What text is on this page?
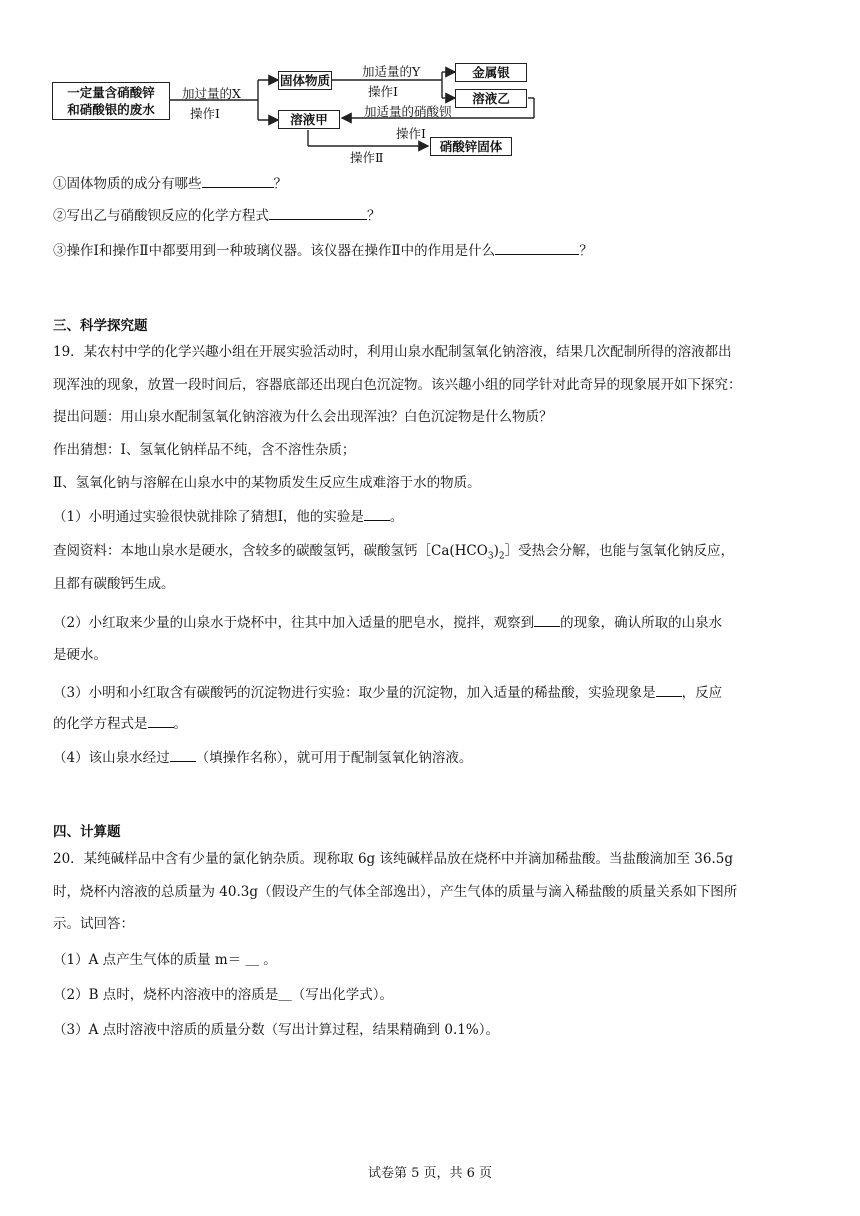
一定量含硝酸锌
和硝酸银的废水
加过量的X
操作Ⅰ
固体物质
加适量的Y
操作Ⅰ
金属银
溶液乙
加适量的硝酸钡
溶液甲
操作Ⅰ
操作Ⅱ
硝酸锌固体
①固体物质的成分有哪些	？
②写出乙与硝酸钡反应的化学方程式	？
③操作Ⅰ和操作Ⅱ中都要用到一种玻璃仪器。该仪器在操作Ⅱ中的作用是什么	？
三、科学探究题
19．某农村中学的化学兴趣小组在开展实验活动时，利用山泉水配制氢氧化钠溶液，结果几次配制所得的溶液都出
现浑浊的现象，放置一段时间后，容器底部还出现白色沉淀物。该兴趣小组的同学针对此奇异的现象展开如下探究：
提出问题：用山泉水配制氢氧化钠溶液为什么会出现浑浊？白色沉淀物是什么物质？
作出猜想：Ⅰ、氢氧化钠样品不纯，含不溶性杂质；
Ⅱ、氢氧化钠与溶解在山泉水中的某物质发生反应生成难溶于水的物质。
（1）小明通过实验很快就排除了猜想Ⅰ，他的实验是 。
查阅资料：本地山泉水是硬水，含较多的碳酸氢钙，碳酸氢钙$[Ca(HCO_3)_2]$受热会分解，也能与氢氧化钠反应，
且都有碳酸钙生成。
（2）小红取来少量的山泉水于烧杯中，往其中加入适量的肥皂水，搅拌，观察到 的现象，确认所取的山泉水
是硬水。
（3）小明和小红取含有碳酸钙的沉淀物进行实验：取少量的沉淀物，加入适量的稀盐酸，实验现象是 ，反应
的化学方程式是 。
（4）该山泉水经过 （填操作名称），就可用于配制氢氧化钠溶液。
四、计算题
20．某纯碱样品中含有少量的氯化钠杂质。现称取 6g 该纯碱样品放在烧杯中并滴加稀盐酸。当盐酸滴加至 36.5g
时，烧杯内溶液的总质量为 40.3g（假设产生的气体全部逸出），产生气体的质量与滴入稀盐酸的质量关系如下图所
示。试回答：
（1）A 点产生气体的质量 m＝ ＿ 。
（2）B 点时，烧杯内溶液中的溶质是＿（写出化学式）。
（3）A 点时溶液中溶质的质量分数（写出计算过程，结果精确到 0.1%）。
试卷第 5 页，共 6 页
